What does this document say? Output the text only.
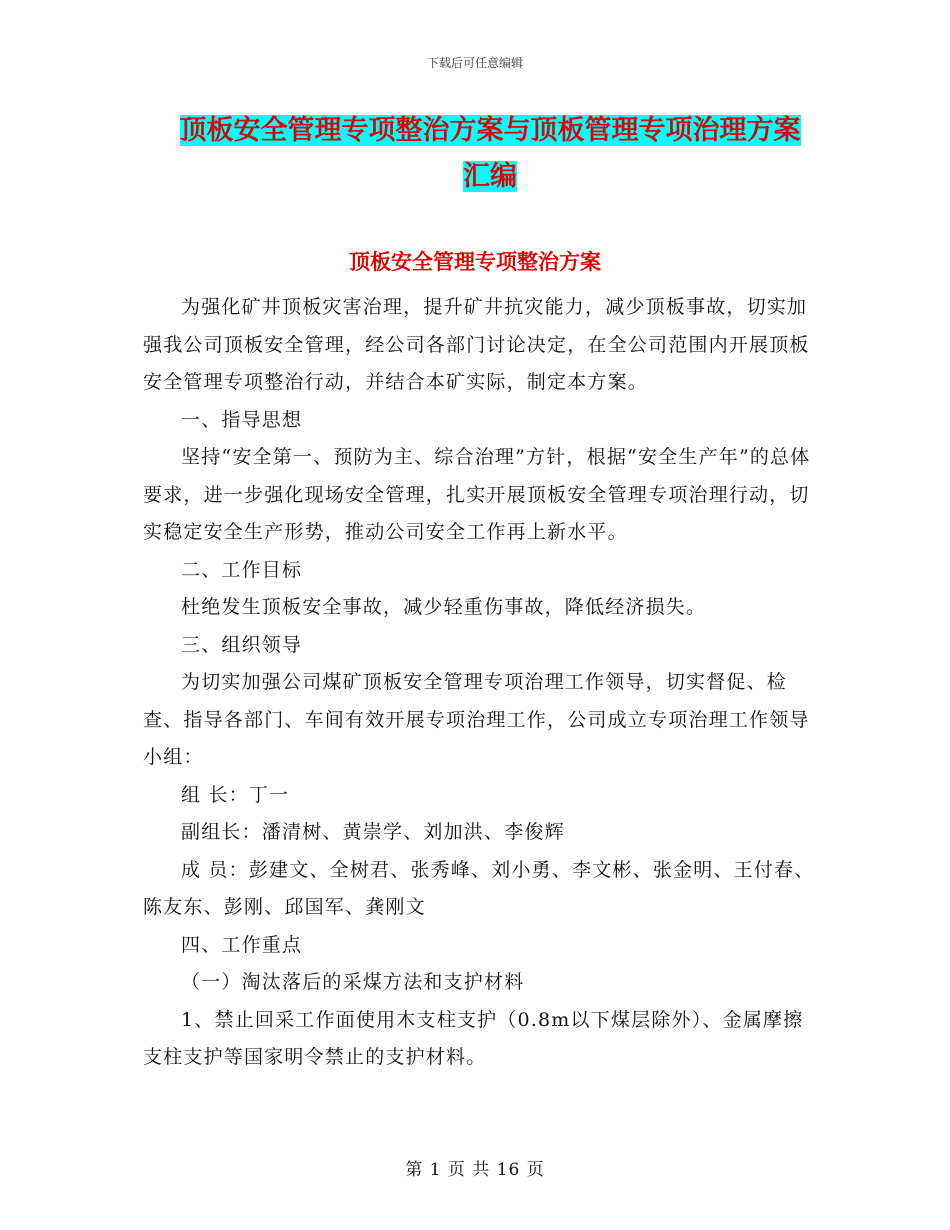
下载后可任意编辑
顶板安全管理专项整治方案与顶板管理专项治理方案
汇编
顶板安全管理专项整治方案

为强化矿井顶板灾害治理，提升矿井抗灾能力，减少顶板事故，切实加强我公司顶板安全管理，经公司各部门讨论决定，在全公司范围内开展顶板安全管理专项整治行动，并结合本矿实际，制定本方案。

一、指导思想

坚持“安全第一、预防为主、综合治理”方针，根据“安全生产年”的总体要求，进一步强化现场安全管理，扎实开展顶板安全管理专项治理行动，切实稳定安全生产形势，推动公司安全工作再上新水平。

二、工作目标

杜绝发生顶板安全事故，减少轻重伤事故，降低经济损失。

三、组织领导

为切实加强公司煤矿顶板安全管理专项治理工作领导，切实督促、检查、指导各部门、车间有效开展专项治理工作，公司成立专项治理工作领导小组：

组 长：丁一

副组长：潘清树、黄崇学、刘加洪、李俊辉

成 员：彭建文、全树君、张秀峰、刘小勇、李文彬、张金明、王付春、陈友东、彭刚、邱国军、龚刚文

四、工作重点

（一）淘汰落后的采煤方法和支护材料

1、禁止回采工作面使用木支柱支护（0.8m以下煤层除外）、金属摩擦支柱支护等国家明令禁止的支护材料。

第 1 页 共 16 页
